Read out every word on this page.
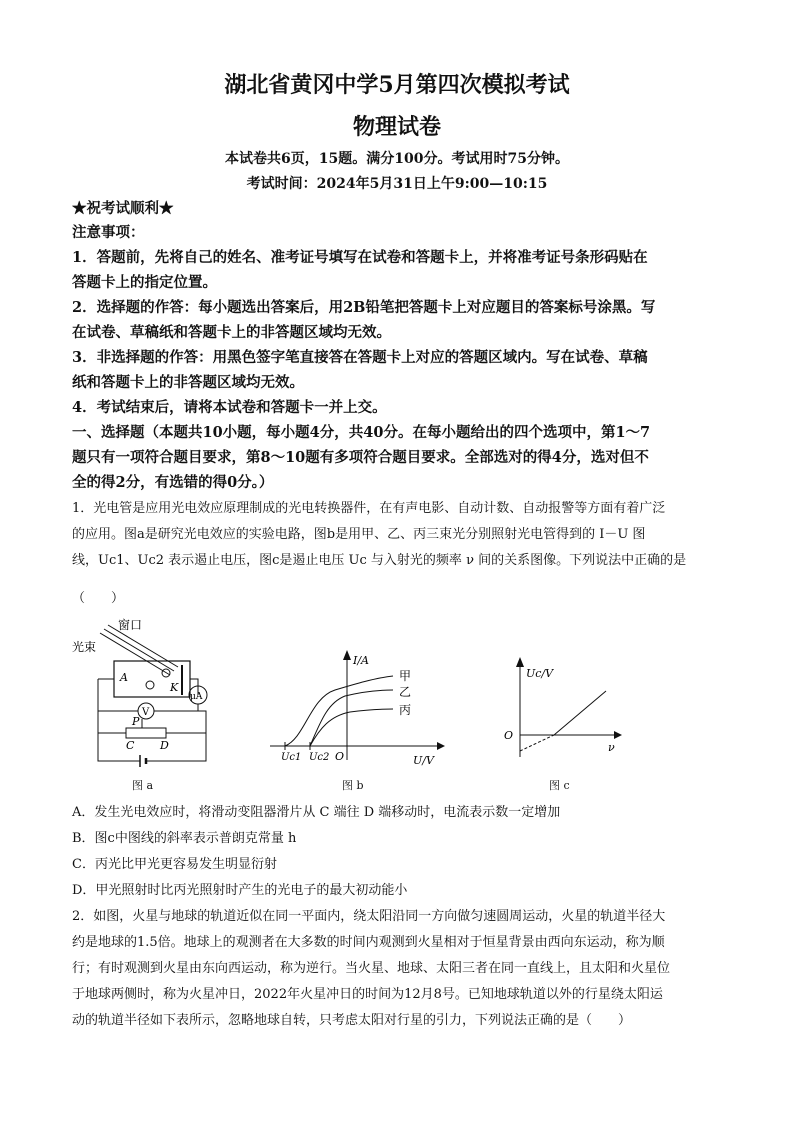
湖北省黄冈中学5月第四次模拟考试
物理试卷
本试卷共6页，15题。满分100分。考试用时75分钟。
考试时间：2024年5月31日上午9:00—10:15
★祝考试顺利★
注意事项：
1．答题前，先将自己的姓名、准考证号填写在试卷和答题卡上，并将准考证号条形码贴在
答题卡上的指定位置。
2．选择题的作答：每小题选出答案后，用2B铅笔把答题卡上对应题目的答案标号涂黑。写
在试卷、草稿纸和答题卡上的非答题区域均无效。
3．非选择题的作答：用黑色签字笔直接答在答题卡上对应的答题区域内。写在试卷、草稿
纸和答题卡上的非答题区域均无效。
4．考试结束后，请将本试卷和答题卡一并上交。
一、选择题（本题共10小题，每小题4分，共40分。在每小题给出的四个选项中，第1～7
题只有一项符合题目要求，第8～10题有多项符合题目要求。全部选对的得4分，选对但不
全的得2分，有选错的得0分。）
1．光电管是应用光电效应原理制成的光电转换器件，在有声电影、自动计数、自动报警等方面有着广泛
的应用。图a是研究光电效应的实验电路，图b是用甲、乙、丙三束光分别照射光电管得到的 I－U 图
线，Uc1、Uc2 表示遏止电压，图c是遏止电压 Uc 与入射光的频率 ν 间的关系图像。下列说法中正确的是
（　　）
窗口
光束
A
K
μA
V
P
C D
图 a
I/A
U/V
O
Uc1 Uc2
甲
乙
丙
图 b
Uc/V
ν
O
图 c
A．发生光电效应时，将滑动变阻器滑片从 C 端往 D 端移动时，电流表示数一定增加
B．图c中图线的斜率表示普朗克常量 h
C．丙光比甲光更容易发生明显衍射
D．甲光照射时比丙光照射时产生的光电子的最大初动能小
2．如图，火星与地球的轨道近似在同一平面内，绕太阳沿同一方向做匀速圆周运动，火星的轨道半径大
约是地球的1.5倍。地球上的观测者在大多数的时间内观测到火星相对于恒星背景由西向东运动，称为顺
行；有时观测到火星由东向西运动，称为逆行。当火星、地球、太阳三者在同一直线上，且太阳和火星位
于地球两侧时，称为火星冲日，2022年火星冲日的时间为12月8号。已知地球轨道以外的行星绕太阳运
动的轨道半径如下表所示，忽略地球自转，只考虑太阳对行星的引力，下列说法正确的是（　　）
